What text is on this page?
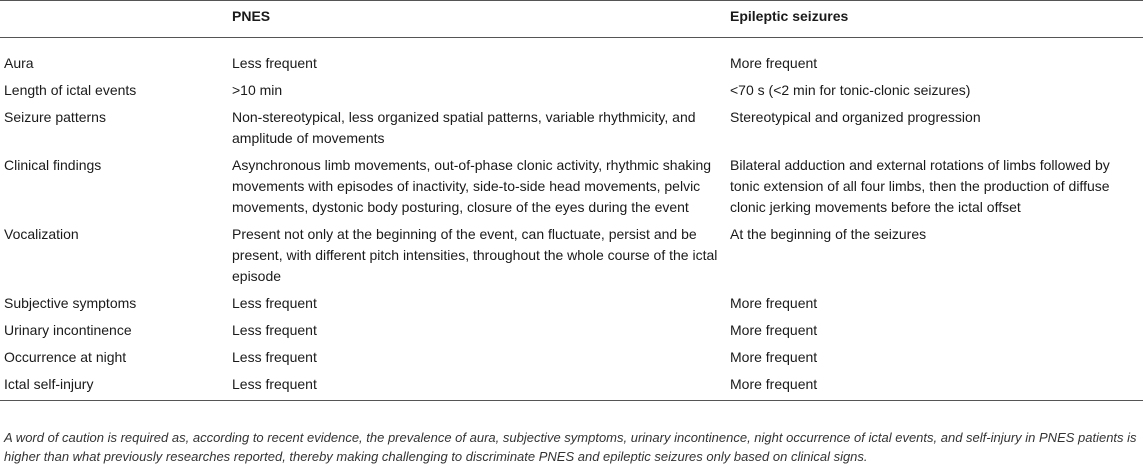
	PNES	Epileptic seizures
Aura	Less frequent	More frequent
Length of ictal events	>10 min	<70 s (<2 min for tonic-clonic seizures)
Seizure patterns	Non-stereotypical, less organized spatial patterns, variable rhythmicity, and amplitude of movements	Stereotypical and organized progression
Clinical findings	Asynchronous limb movements, out-of-phase clonic activity, rhythmic shaking movements with episodes of inactivity, side-to-side head movements, pelvic movements, dystonic body posturing, closure of the eyes during the event	Bilateral adduction and external rotations of limbs followed by tonic extension of all four limbs, then the production of diffuse clonic jerking movements before the ictal offset
Vocalization	Present not only at the beginning of the event, can fluctuate, persist and be present, with different pitch intensities, throughout the whole course of the ictal episode	At the beginning of the seizures
Subjective symptoms	Less frequent	More frequent
Urinary incontinence	Less frequent	More frequent
Occurrence at night	Less frequent	More frequent
Ictal self-injury	Less frequent	More frequent
A word of caution is required as, according to recent evidence, the prevalence of aura, subjective symptoms, urinary incontinence, night occurrence of ictal events, and self-injury in PNES patients is higher than what previously researches reported, thereby making challenging to discriminate PNES and epileptic seizures only based on clinical signs.
